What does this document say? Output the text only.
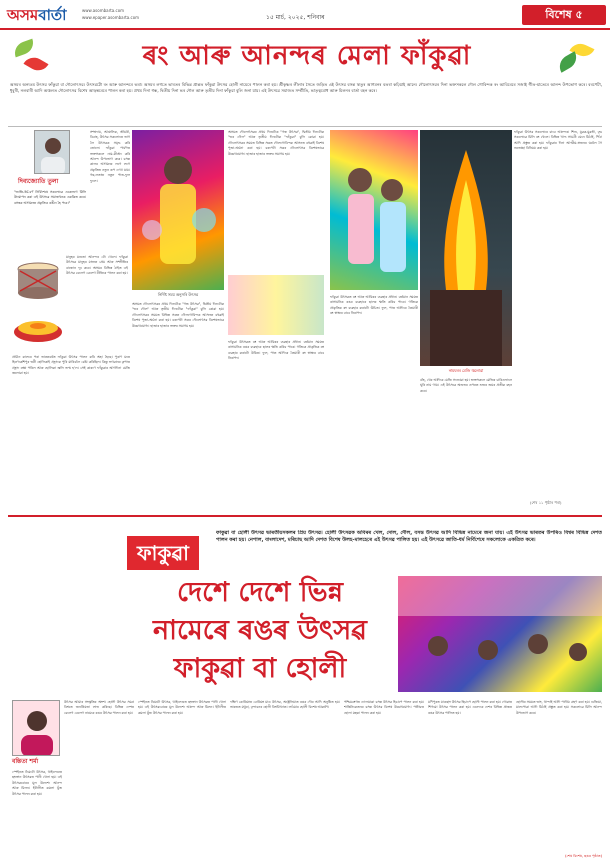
অসমবাৰ্তা	www.asombarta.com
www.epaper.asombarta.com	১৫ মাৰ্চ, ২০২৫, শনিবাৰ	বিশেষ ৫
ৰং আৰু আনন্দৰ মেলা ফাঁকুৱা
অসমৰ অন্যতম উৎসৱ ফাঁকুৱা বা দৌলোৎসৱ। উৎসৱটো ৰং আৰু আনন্দৰে ভৰা। অসমৰ লগতে ভাৰতৰ বিভিন্ন প্ৰান্তত ফাঁকুৱা উৎসৱ হোলী নামেৰে পালন কৰা হয়। শ্ৰীকৃষ্ণৰ লীলাৰ সৈতে জড়িত এই উৎসৱ বসন্ত ঋতুৰ আগমনৰ বতৰা কঢ়িয়াই আনে। দৌলোৎসৱৰ দিনা ভক্তসকলে দৌল গোবিন্দক ৰং আবিৰেৰে সজাই গীত-মাতেৰে আনন্দ উপভোগ কৰে। বৰপেটা, ধুবুৰী, নলবাৰী আদি অঞ্চলত দৌলোৎসৱ বিশেষ আড়ম্বৰেৰে পালন কৰা হয়। প্ৰথম দিনা গন্ধ, দ্বিতীয় দিনা ভৰ দৌল আৰু তৃতীয় দিনা ফাঁকুৱা বুলি জনা যায়। এই উৎসৱে সমাজত সম্প্ৰীতি, ভাতৃত্ববোধ আৰু মিলনৰ বাৰ্তা বহন কৰে।
দিব্যজ্যোতি তুলা
"জাতি-ধৰ্ম-বৰ্ণ নিৰ্বিশেষে সকলোৱে একেলগে মিলি উদযাপন কৰা এই উৎসৱে সমাজখনক একত্ৰিত কৰে। বসন্তৰ আগমনত প্ৰকৃতিও ৰঙীন হৈ পৰে।"
সম্প্ৰদায়, আঞ্চলিক, জীয়ৰী, বিবাহ, উৎসৱ সকলোতে ভাগ লৈ উৎসৱক সমৃদ্ধ কৰি তোলে। ফাঁকুৱা পাৰ্বণত ভক্তসকলে নাম-কীৰ্তন কৰি আনন্দ উপভোগ কৰে। বসন্ত কালৰ আগমনৰ লগে লগে প্ৰকৃতিত নতুন ৰূপ দেখা যায়। গছ-লতাত নতুন পাত-ফুল ফুলে।
মানুহৰ মনতো আনন্দৰ ঢৌ খেলে। ফাঁকুৱা উৎসৱে মানুহৰ মাজত প্ৰেম আৰু সম্প্ৰীতিৰ বান্ধোন দৃঢ় কৰে। অসমৰ বিভিন্ন ঠাইত এই উৎসৱ বেলেগ বেলেগ ৰীতিৰে পালন কৰা হয়।
প্ৰাচীন কালৰে পৰা ভাৰতবৰ্ষত ফাঁকুৱা উৎসৱ পালন কৰি অহা হৈছে। পুৰাণ মতে হিৰণ্যকশিপুৰ ভগ্নী হোলিকাই প্ৰহ্লাদক পুৰি মাৰিবলৈ চেষ্টা কৰিছিল। কিন্তু ভগৱানৰ কৃপাত প্ৰহ্লাদ ৰক্ষা পৰিল আৰু হোলিকা জ্বলি ভস্ম হ'ল। সেই কাৰণে ফাঁকুৱাৰ আগদিনা মেজি জ্বলোৱা হয়।
নিৰ্দিষ্ট সময় অনুসৰি উৎসৱ
অসমত দৌলোৎসৱৰ প্ৰথম দিনটোক "গন্ধ উৎসৱ", দ্বিতীয় দিনটোক "ভৰ দৌল" আৰু তৃতীয় দিনটোক "ফাঁকুৱা" বুলি কোৱা হয়। দৌলোৎসৱৰ সময়ত বিভিন্ন সত্ৰত দৌলগোবিন্দক আসনত বহুৱাই বিশেষ পূজা-অৰ্চনা কৰা হয়। বৰপেটা সত্ৰৰ দৌলোৎসৱ বিশেষভাৱে উল্লেখযোগ্য। হাজাৰ হাজাৰ ভক্তৰ সমাগম হয়।
অসমত দৌলোৎসৱৰ প্ৰথম দিনটোক "গন্ধ উৎসৱ", দ্বিতীয় দিনটোক "ভৰ দৌল" আৰু তৃতীয় দিনটোক "ফাঁকুৱা" বুলি কোৱা হয়। দৌলোৎসৱৰ সময়ত বিভিন্ন সত্ৰত দৌলগোবিন্দক আসনত বহুৱাই বিশেষ পূজা-অৰ্চনা কৰা হয়। বৰপেটা সত্ৰৰ দৌলোৎসৱ বিশেষভাৱে উল্লেখযোগ্য। হাজাৰ হাজাৰ ভক্তৰ সমাগম হয়।
ফাঁকুৱা উৎসৱত ৰং আৰু আবিৰৰ ব্যৱহাৰ প্ৰধান। বৰ্তমান সময়ত ৰাসায়নিক ৰঙৰ ব্যৱহাৰে ছালৰ ক্ষতি কৰিব পাৰে। গতিকে প্ৰাকৃতিক ৰং ব্যৱহাৰ কৰাটো উচিত। ফুল, পাত আদিৰে তৈয়াৰী ৰং স্বাস্থ্যৰ বাবে নিৰাপদ।
ফাঁকুৱা উৎসৱত ৰং আৰু আবিৰৰ ব্যৱহাৰ প্ৰধান। বৰ্তমান সময়ত ৰাসায়নিক ৰঙৰ ব্যৱহাৰে ছালৰ ক্ষতি কৰিব পাৰে। গতিকে প্ৰাকৃতিক ৰং ব্যৱহাৰ কৰাটো উচিত। ফুল, পাত আদিৰে তৈয়াৰী ৰং স্বাস্থ্যৰ বাবে নিৰাপদ।
নামঘৰৰ মেজি জ্বলোৱা
বাঁহ, খেৰ আদিৰে মেজি সজোৱা হয়। ভক্তসকলে মেজিৰ চাৰিওফালে ঘূৰি নাম গায়। এই উৎসৱে অশুভৰ ওপৰত শুভৰ জয়ৰ প্ৰতীক বহন কৰে।
ফাঁকুৱা উৎসৱ সকলোৰে বাবে আনন্দৰ। শিশু, যুৱক-যুৱতী, বৃদ্ধ সকলোৱে মিলি ৰং খেলে। বিভিন্ন খাদ্য সামগ্ৰী যেনে মিঠাই, পিঠা আদি প্ৰস্তুত কৰা হয়। ফাঁকুৱাৰ দিনা আত্মীয়-স্বজনৰ ঘৰলৈ গৈ শুভেচ্ছা বিনিময় কৰা হয়।
(শেষ ১১ পৃষ্ঠাৰ পৰা)
ফাকুৱা
ফাকুৱা বা হোলী উৎসৱ ভাৰতীয়সকলৰ প্ৰিয় উৎসৱ। হোলী উৎসৱক অবিৰৰ খেল, দোল, দৌল, বসন্ত উৎসৱ আদি বিভিন্ন নামেৰে জনা যায়। এই উৎসৱ ভাৰতৰ উপৰিও বিশ্বৰ বিভিন্ন দেশত পালন কৰা হয়। নেপাল, বাংলাদেশ, মৰিচাছ আদি দেশত বিশেষ উলহ-মালহেৰে এই উৎসৱ পালিত হয়। এই উৎসৱে জাতি-ধৰ্ম নিৰ্বিশেষে সকলোকে একত্ৰিত কৰে।
দেশে দেশে ভিন্ন
নামেৰে ৰঙৰ উৎসৱ
ফাকুৱা বা হোলী
বন্তিতা শৰ্মা
উৎসৱ আমাৰ সংস্কৃতিৰ অংশ। হোলী উৎসৱ সমগ্ৰ বিশ্বতে জনপ্ৰিয়তা লাভ কৰিছে। বিভিন্ন দেশত বেলেগ বেলেগ নামেৰে ৰঙৰ উৎসৱ পালন কৰা হয়।
স্পেইনত টমেটো উৎসৱ, থাইলেণ্ডত ছংক্ৰান উৎসৱত পানী খেলা হয়। এই উৎসৱবোৰৰ মূল উদ্দেশ্য আনন্দ আৰু মিলন। ইটালীত কমলা যুঁজ উৎসৱ পালন কৰা হয়।
স্পেইনত টমেটো উৎসৱ, থাইলেণ্ডত ছংক্ৰান উৎসৱত পানী খেলা হয়। এই উৎসৱবোৰৰ মূল উদ্দেশ্য আনন্দ আৰু মিলন। ইটালীত কমলা যুঁজ উৎসৱ পালন কৰা হয়।
দক্ষিণ কোৰিয়াত বোৰিয়ং মাড উৎসৱ, অষ্ট্ৰেলিয়াত ৰঙৰ দৌৰ আদি অনুষ্ঠিত হয়। ভাৰতত মথুৰা, বৃন্দাবনৰ হোলী বিশ্ববিখ্যাত। লাঠমাৰ হোলী বিশেষ আকৰ্ষণ।
পশ্চিমবংগত দোলযাত্ৰা বসন্ত উৎসৱ হিচাপে পালন কৰা হয়। শান্তিনিকেতনৰ বসন্ত উৎসৱ বিশেষ উল্লেখযোগ্য। পঞ্জাবত হোলা মহল্লা পালন কৰা হয়।
মণিপুৰত য়াওছাং উৎসৱ হিচাপে হোলী পালন কৰা হয়। গোৱাত শিগমো উৎসৱ পালন কৰা হয়। এনেদৰে দেশৰ বিভিন্ন প্ৰান্তত ৰঙৰ উৎসৱ পালিত হয়।
হোলীৰ সময়ত ভাং, থান্দাই আদি পানীয় গ্ৰহণ কৰা হয়। গুজিয়া, মালপোৱা আদি মিঠাই প্ৰস্তুত কৰা হয়। সকলোৱে মিলি আনন্দ উপভোগ কৰে।
(শেষ বিশেষ, ছঙৰ পৃষ্ঠাত)
